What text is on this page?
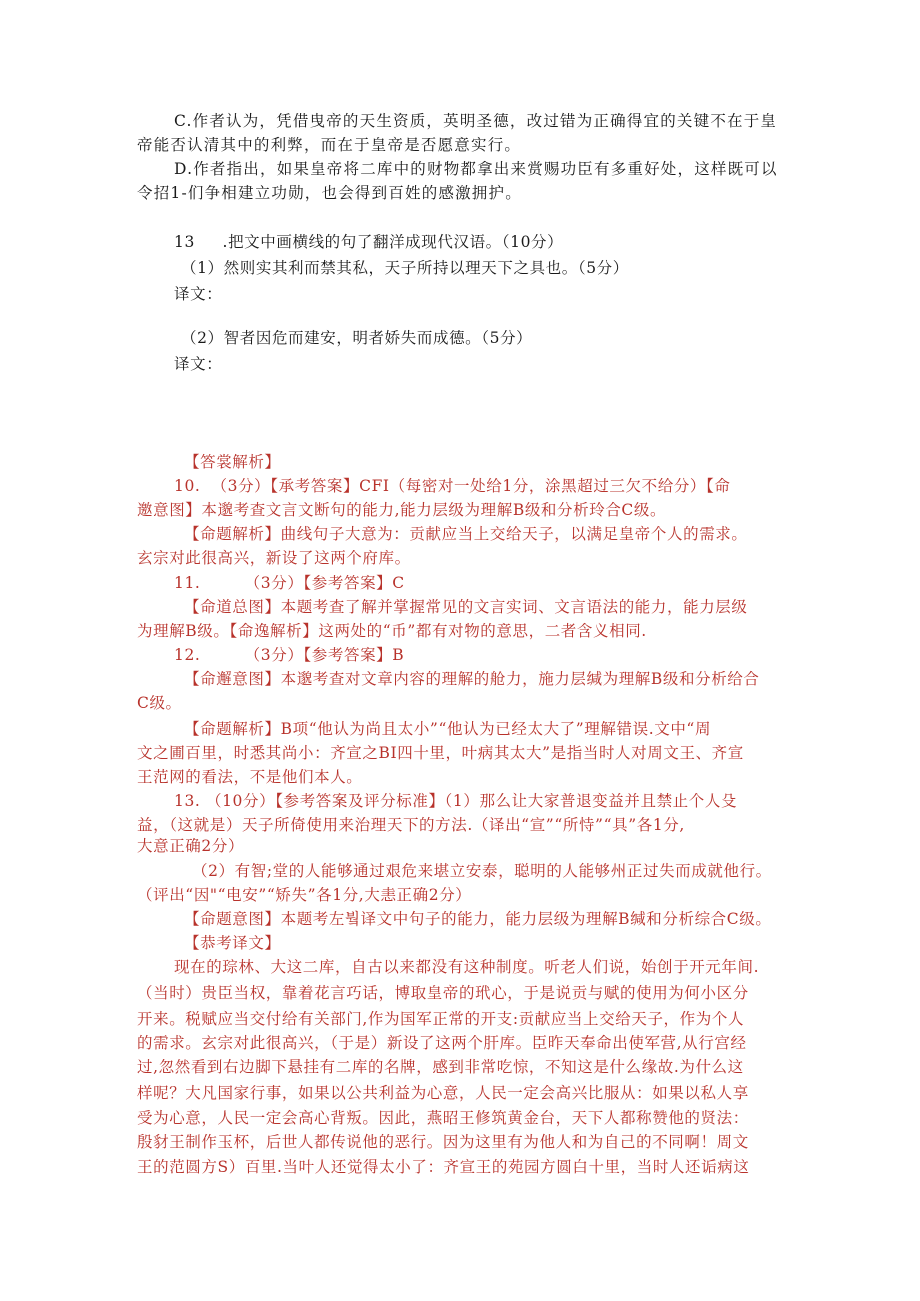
C.作者认为，凭借曳帝的天生资质，英明圣德，改过错为正确得宜的关键不在于皇
帝能否认清其中的利弊，而在于皇帝是否愿意实行。
D.作者指出，如果皇帝将二库中的财物都拿出来赏赐功臣有多重好处，这样既可以
令招1-们争相建立功勋，也会得到百姓的感激拥护。
13     .把文中画横线的句了翻洋成现代汉语。（10分）
（1）然则实其利而禁其私，天子所持以理天下之具也。（5分）
译文：
（2）智者因危而建安，明者娇失而成德。（5分）
译文：
【答裳解析】
10.  （3分）【承考答案】CFI（每密对一处给1分，涂黑超过三欠不给分）【命
邀意图】本邈考查文言文断句的能力,能力层级为理解B级和分析玲合C级。
【命题解析】曲线句子大意为：贡献应当上交给天子，以满足皇帝个人的需求。
玄宗对此很高兴，新设了这两个府库。
11.        （3分）【参考答案】C
【命道总图】本题考查了解并掌握常见的文言实词、文言语法的能力，能力层级
为理解B级。【命逸解析】这两处的“币”都有对物的意思，二者含义相同.
12.        （3分）【参考答案】B
【命邂意图】本邈考查对文章内容的理解的舱力，施力层缄为理解B级和分析给合
C级。
【命题解析】B项“他认为尚且太小”“他认为已经太大了”理解错误.文中“周
文之圃百里，时悉其尚小：齐宣之BI四十里，叶病其太大”是指当时人对周文王、齐宣
王范网的看法，不是他们本人。
13. （10分）【参考答案及评分标准】（1）那么让大家普退变益并且禁止个人殳
益，（这就是）天子所倚使用来治理天下的方法.（译出“宣”“所恃”“具”各1分,
大意正确2分）
（2）有智;堂的人能够通过艰危来堪立安泰，聪明的人能够州正过失而成就他行。
（评出“因"“电安”“矫失”各1分,大恚正确2分）
【命题意图】本题考左붴译文中句子的能力，能力层级为理解B缄和分析综合C级。
【恭考译文】
现在的琮林、大这二库，自古以来都没有这种制度。听老人们说，始创于开元年间.
（当时）贵臣当权，靠着花言巧话，博取皇帝的玳心，于是说贡与赋的使用为何小区分
开来。税赋应当交付给有关部门,作为国军正常的开支:贡献应当上交给天子，作为个人
的需求。玄宗对此很高兴，（于是）新设了这两个肝库。臣昨天奉命出使军营,从行宫经
过,忽然看到右边脚下悬挂有二库的名牌，感到非常吃惊，不知这是什么缘故.为什么这
样呢？大凡国家行事，如果以公共利益为心意，人民一定会高兴比服从：如果以私人享
受为心意，人民一定会高心背叛。因此，燕昭王修筑黄金台，天下人都称赞他的贤法：
殷豺王制作玉杯，后世人都传说他的恶行。因为这里有为他人和为自己的不同啊！周文
王的范圆方S）百里.当叶人还觉得太小了：齐宣王的苑园方圆白十里，当时人还诟病这
